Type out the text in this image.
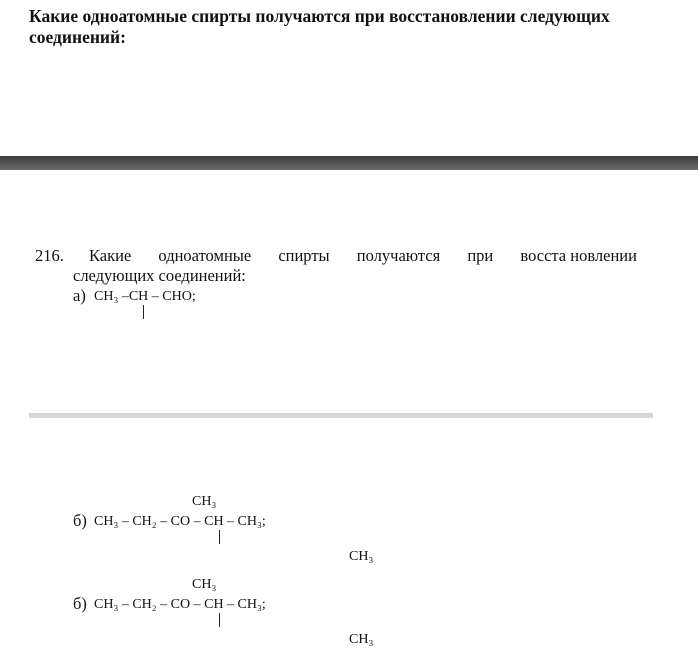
Какие одноатомные спирты получаются при восстановлении следующих соединений:
216. Какие одноатомные спирты получаются при восста новлении
следующих соединений:
а) CH₃ –CH – CHO;
CH₃
б) CH₃ – CH₂ – CO – CH – CH₃;
CH₃
CH₃
б) CH₃ – CH₂ – CO – CH – CH₃;
CH₃
